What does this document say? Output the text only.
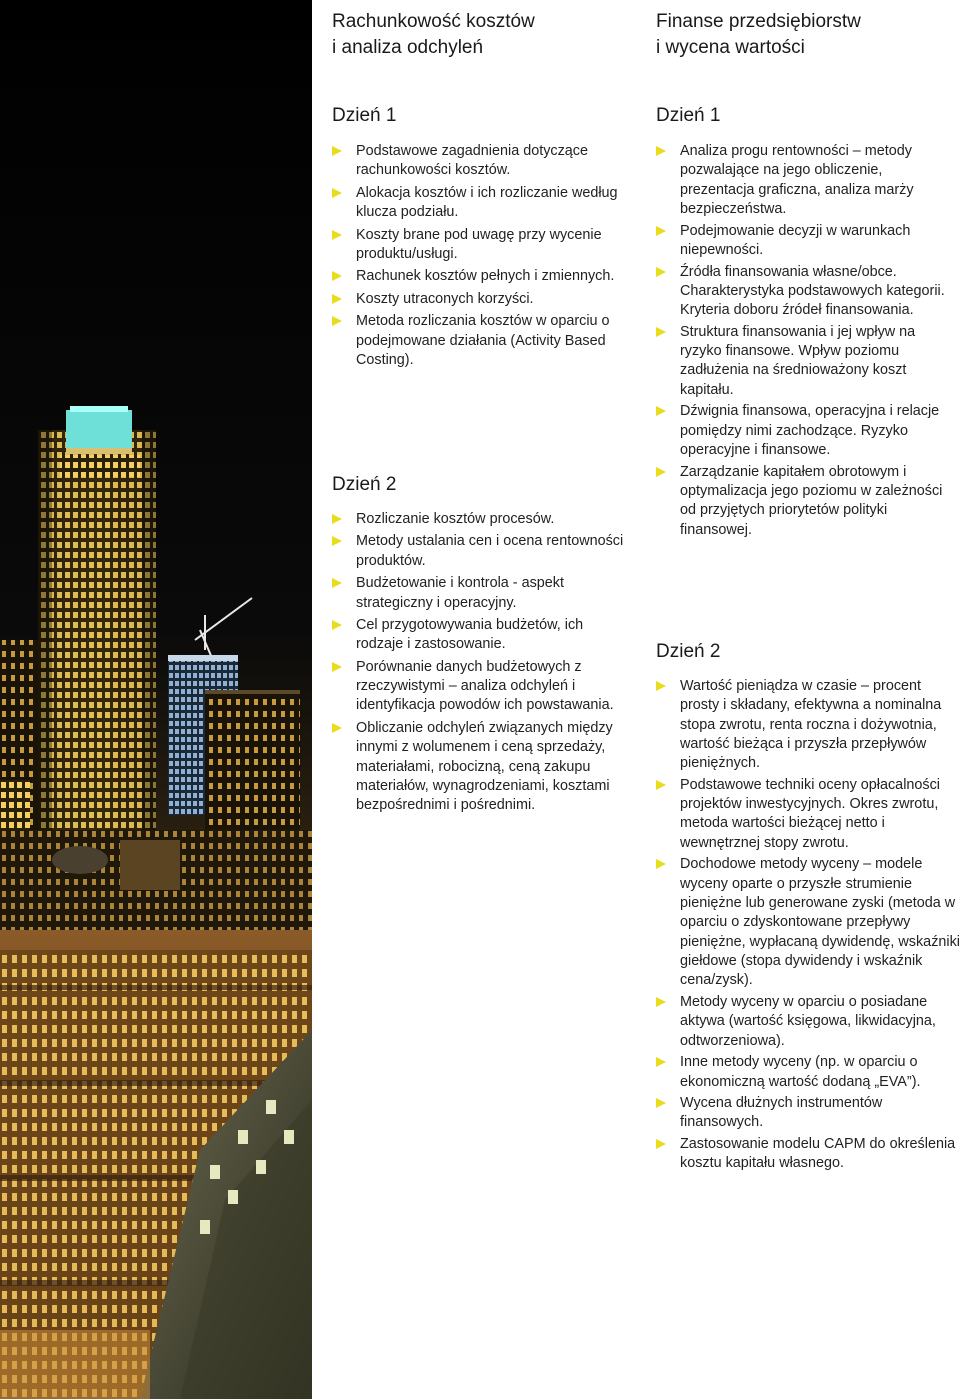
Rachunkowość kosztów
i analiza odchyleń
Dzień 1
Podstawowe zagadnienia dotyczące rachunkowości kosztów.
Alokacja kosztów i ich rozliczanie według klucza podziału.
Koszty brane pod uwagę przy wycenie produktu/usługi.
Rachunek kosztów pełnych i zmiennych.
Koszty utraconych korzyści.
Metoda rozliczania kosztów w oparciu o podejmowane działania (Activity Based Costing).
Dzień 2
Rozliczanie kosztów procesów.
Metody ustalania cen i ocena rentowności produktów.
Budżetowanie i kontrola - aspekt strategiczny i operacyjny.
Cel przygotowywania budżetów, ich rodzaje i zastosowanie.
Porównanie danych budżetowych z rzeczywistymi – analiza odchyleń i identyfikacja powodów ich powstawania.
Obliczanie odchyleń związanych między innymi z wolumenem i ceną sprzedaży, materiałami, robocizną, ceną zakupu materiałów, wynagrodzeniami, kosztami bezpośrednimi i pośrednimi.
Finanse przedsiębiorstw
i wycena wartości
Dzień 1
Analiza progu rentowności – metody pozwalające na jego obliczenie, prezentacja graficzna, analiza marży bezpieczeństwa.
Podejmowanie decyzji w warunkach niepewności.
Źródła finansowania własne/obce. Charakterystyka podstawowych kategorii. Kryteria doboru źródeł finansowania.
Struktura finansowania i jej wpływ na ryzyko finansowe. Wpływ poziomu zadłużenia na średnioważony koszt kapitału.
Dźwignia finansowa, operacyjna i relacje pomiędzy nimi zachodzące. Ryzyko operacyjne i finansowe.
Zarządzanie kapitałem obrotowym i optymalizacja jego poziomu w zależności od przyjętych priorytetów polityki finansowej.
Dzień 2
Wartość pieniądza w czasie – procent prosty i składany, efektywna a nominalna stopa zwrotu, renta roczna i dożywotnia, wartość bieżąca i przyszła przepływów pieniężnych.
Podstawowe techniki oceny opłacalności projektów inwestycyjnych. Okres zwrotu, metoda wartości bieżącej netto i wewnętrznej stopy zwrotu.
Dochodowe metody wyceny – modele wyceny oparte o przyszłe strumienie pieniężne lub generowane zyski (metoda w oparciu o zdyskontowane przepływy pieniężne, wypłacaną dywidendę, wskaźniki giełdowe (stopa dywidendy i wskaźnik cena/zysk).
Metody wyceny w oparciu o posiadane aktywa (wartość księgowa, likwidacyjna, odtworzeniowa).
Inne metody wyceny (np. w oparciu o ekonomiczną wartość dodaną „EVA”).
Wycena dłużnych instrumentów finansowych.
Zastosowanie modelu CAPM do określenia kosztu kapitału własnego.
